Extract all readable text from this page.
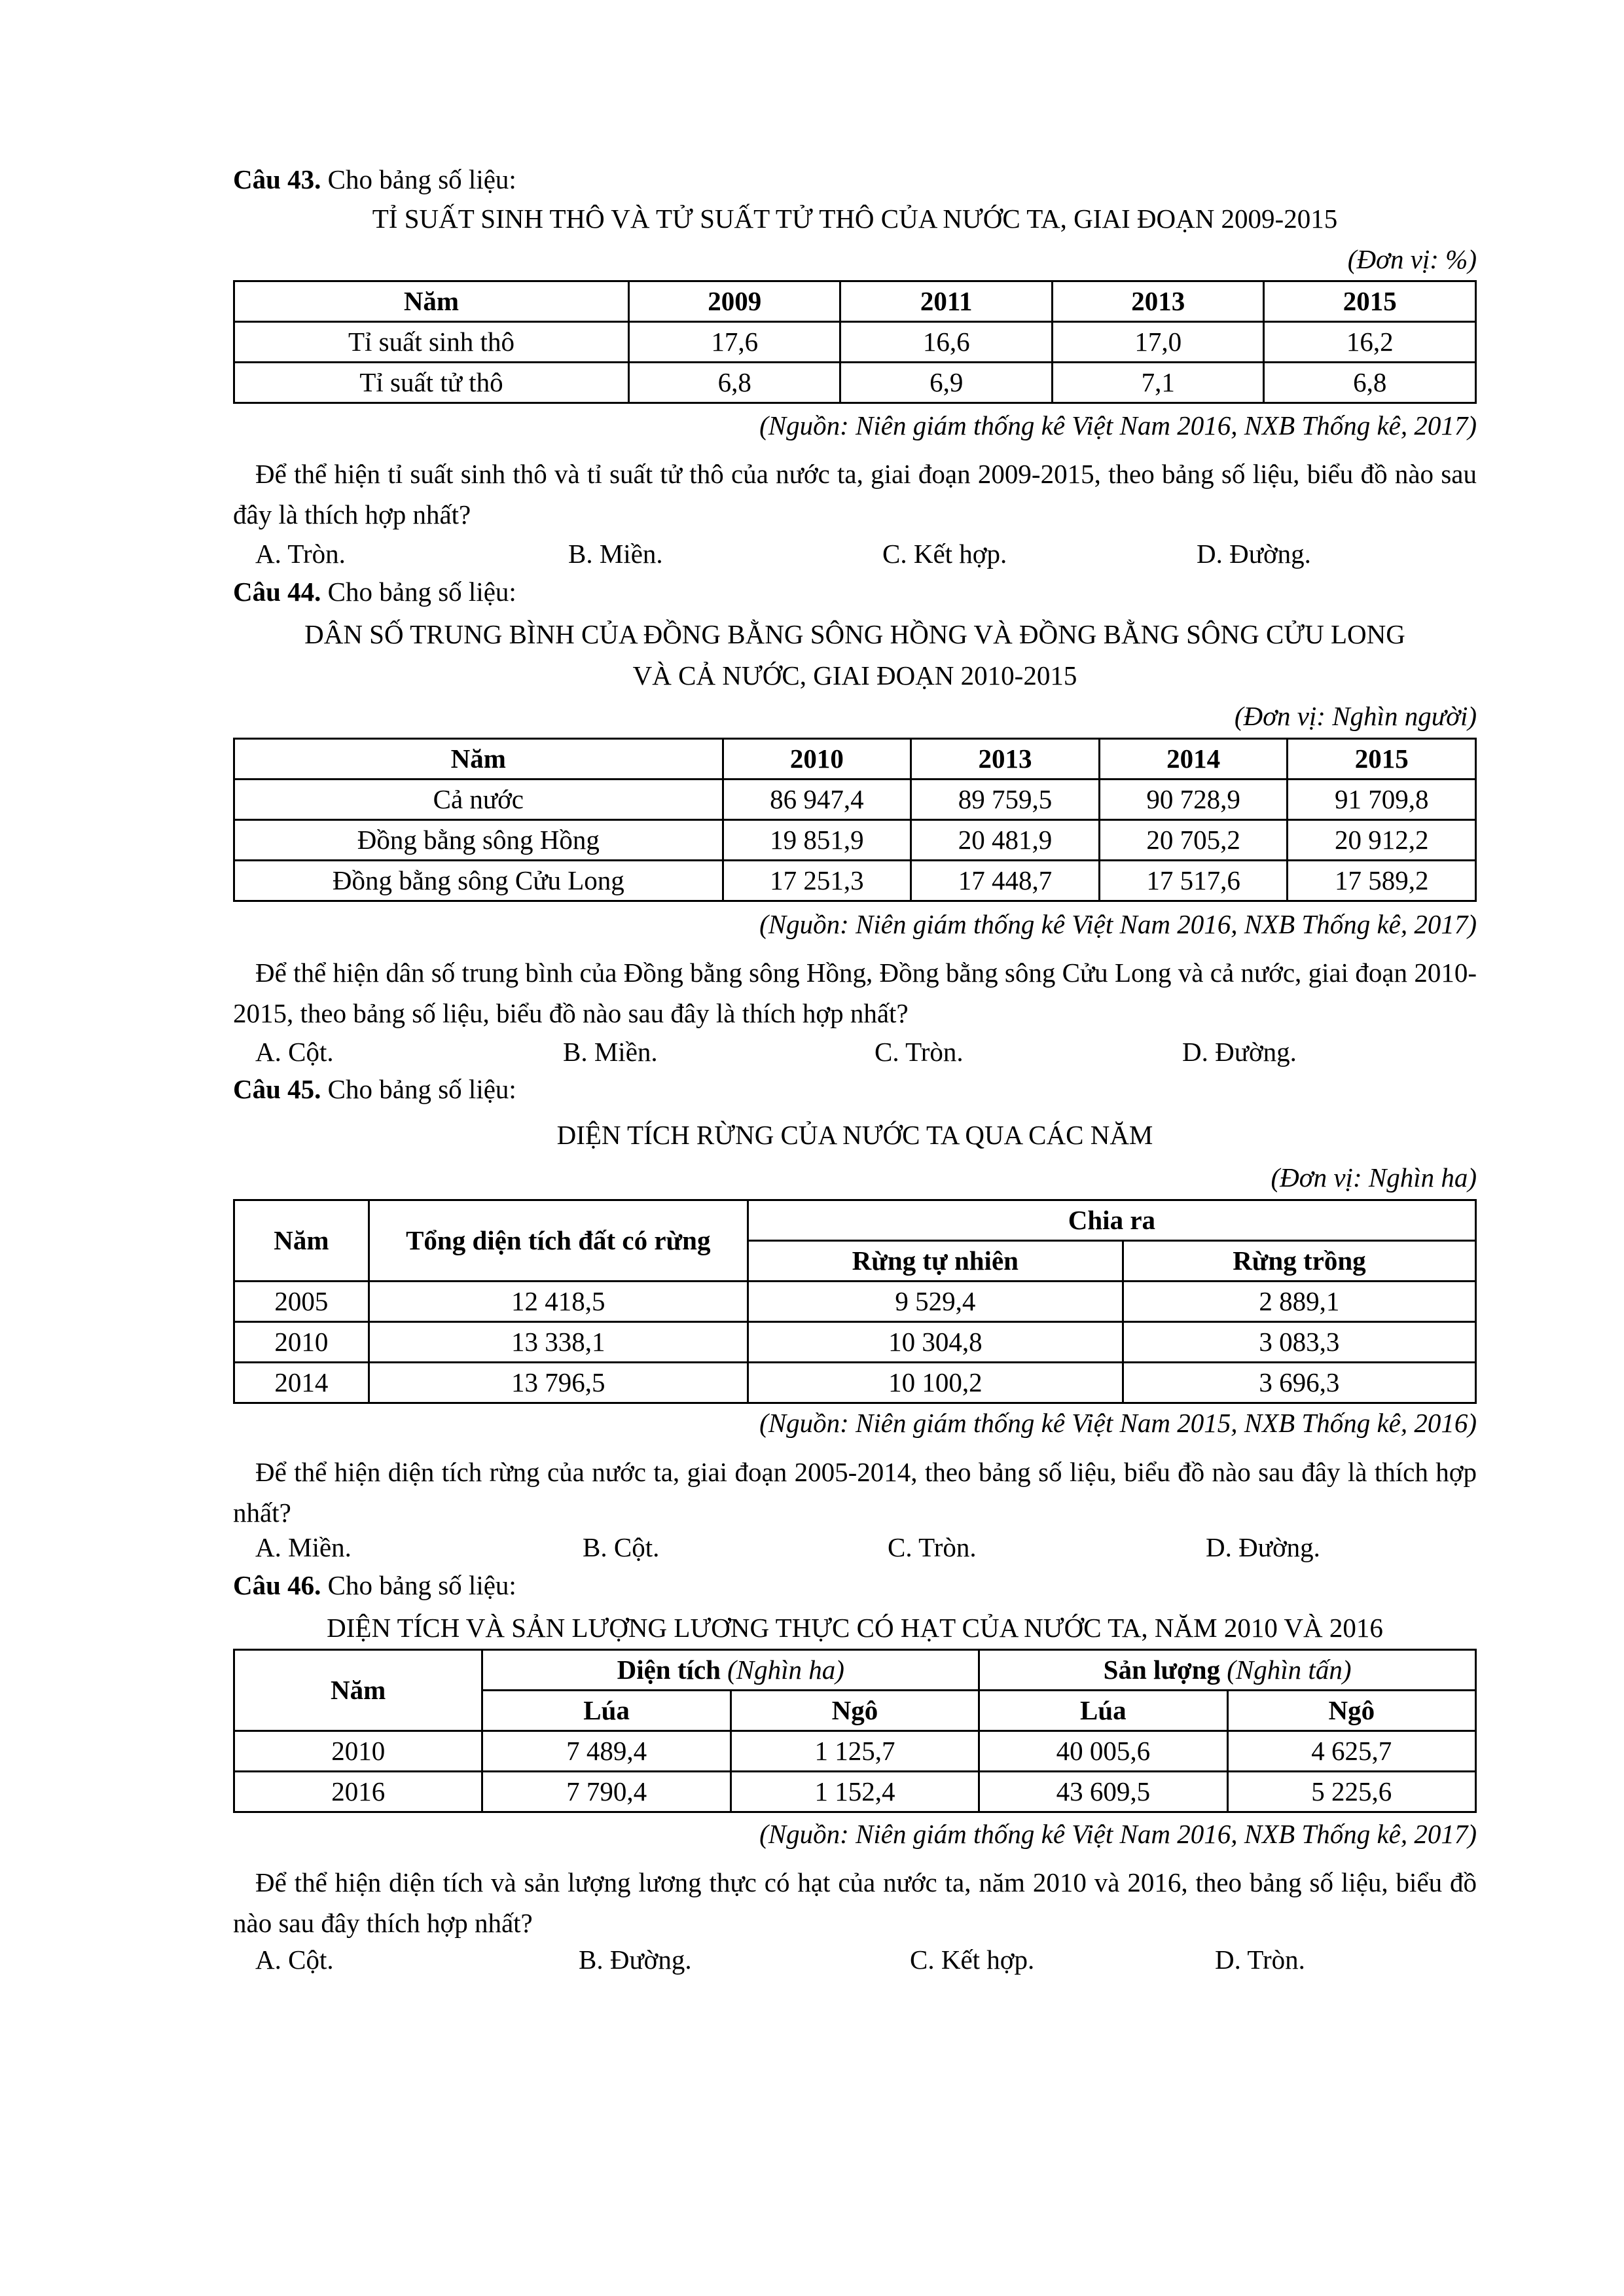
Câu 43. Cho bảng số liệu:
TỈ SUẤT SINH THÔ VÀ TỬ SUẤT TỬ THÔ CỦA NƯỚC TA, GIAI ĐOẠN 2009-2015
(Đơn vị: %)
Năm	2009	2011	2013	2015
Tỉ suất sinh thô	17,6	16,6	17,0	16,2
Tỉ suất tử thô	6,8	6,9	7,1	6,8
(Nguồn: Niên giám thống kê Việt Nam 2016, NXB Thống kê, 2017)
Để thể hiện tỉ suất sinh thô và tỉ suất tử thô của nước ta, giai đoạn 2009-2015, theo bảng số liệu, biểu đồ nào sau đây là thích hợp nhất?
A. Tròn.	B. Miền.	C. Kết hợp.	D. Đường.
Câu 44. Cho bảng số liệu:
DÂN SỐ TRUNG BÌNH CỦA ĐỒNG BẰNG SÔNG HỒNG VÀ ĐỒNG BẰNG SÔNG CỬU LONG
VÀ CẢ NƯỚC, GIAI ĐOẠN 2010-2015
(Đơn vị: Nghìn người)
Năm	2010	2013	2014	2015
Cả nước	86 947,4	89 759,5	90 728,9	91 709,8
Đồng bằng sông Hồng	19 851,9	20 481,9	20 705,2	20 912,2
Đồng bằng sông Cửu Long	17 251,3	17 448,7	17 517,6	17 589,2
(Nguồn: Niên giám thống kê Việt Nam 2016, NXB Thống kê, 2017)
Để thể hiện dân số trung bình của Đồng bằng sông Hồng, Đồng bằng sông Cửu Long và cả nước, giai đoạn 2010-2015, theo bảng số liệu, biểu đồ nào sau đây là thích hợp nhất?
A. Cột.	B. Miền.	C. Tròn.	D. Đường.
Câu 45. Cho bảng số liệu:
DIỆN TÍCH RỪNG CỦA NƯỚC TA QUA CÁC NĂM
(Đơn vị: Nghìn ha)
Năm	Tổng diện tích đất có rừng	Chia ra	
		Rừng tự nhiên	Rừng trồng
2005	12 418,5	9 529,4	2 889,1
2010	13 338,1	10 304,8	3 083,3
2014	13 796,5	10 100,2	3 696,3
(Nguồn: Niên giám thống kê Việt Nam 2015, NXB Thống kê, 2016)
Để thể hiện diện tích rừng của nước ta, giai đoạn 2005-2014, theo bảng số liệu, biểu đồ nào sau đây là thích hợp nhất?
A. Miền.	B. Cột.	C. Tròn.	D. Đường.
Câu 46. Cho bảng số liệu:
DIỆN TÍCH VÀ SẢN LƯỢNG LƯƠNG THỰC CÓ HẠT CỦA NƯỚC TA, NĂM 2010 VÀ 2016
Năm	Diện tích (Nghìn ha)		Sản lượng (Nghìn tấn)	
	Lúa	Ngô	Lúa	Ngô
2010	7 489,4	1 125,7	40 005,6	4 625,7
2016	7 790,4	1 152,4	43 609,5	5 225,6
(Nguồn: Niên giám thống kê Việt Nam 2016, NXB Thống kê, 2017)
Để thể hiện diện tích và sản lượng lương thực có hạt của nước ta, năm 2010 và 2016, theo bảng số liệu, biểu đồ nào sau đây thích hợp nhất?
A. Cột.	B. Đường.	C. Kết hợp.	D. Tròn.
